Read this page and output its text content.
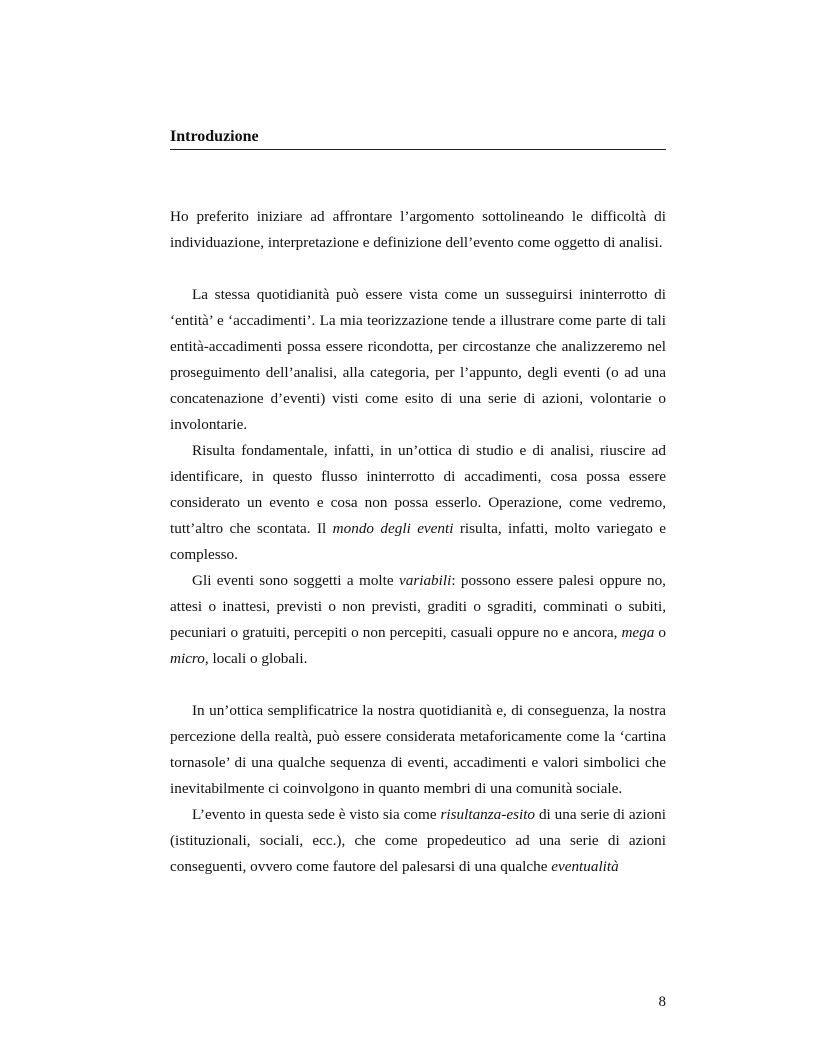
Introduzione

Ho preferito iniziare ad affrontare l’argomento sottolineando le difficoltà di individuazione, interpretazione e definizione dell’evento come oggetto di analisi.

La stessa quotidianità può essere vista come un susseguirsi ininterrotto di ‘entità’ e ‘accadimenti’. La mia teorizzazione tende a illustrare come parte di tali entità-accadimenti possa essere ricondotta, per circostanze che analizzeremo nel proseguimento dell’analisi, alla categoria, per l’appunto, degli eventi (o ad una concatenazione d’eventi) visti come esito di una serie di azioni, volontarie o involontarie.

Risulta fondamentale, infatti, in un’ottica di studio e di analisi, riuscire ad identificare, in questo flusso ininterrotto di accadimenti, cosa possa essere considerato un evento e cosa non possa esserlo. Operazione, come vedremo, tutt’altro che scontata. Il mondo degli eventi risulta, infatti, molto variegato e complesso.

Gli eventi sono soggetti a molte variabili: possono essere palesi oppure no, attesi o inattesi, previsti o non previsti, graditi o sgraditi, comminati o subiti, pecuniari o gratuiti, percepiti o non percepiti, casuali oppure no e ancora, mega o micro, locali o globali.

In un’ottica semplificatrice la nostra quotidianità e, di conseguenza, la nostra percezione della realtà, può essere considerata metaforicamente come la ‘cartina tornasole’ di una qualche sequenza di eventi, accadimenti e valori simbolici che inevitabilmente ci coinvolgono in quanto membri di una comunità sociale.

L’evento in questa sede è visto sia come risultanza-esito di una serie di azioni (istituzionali, sociali, ecc.), che come propedeutico ad una serie di azioni conseguenti, ovvero come fautore del palesarsi di una qualche eventualità

8
